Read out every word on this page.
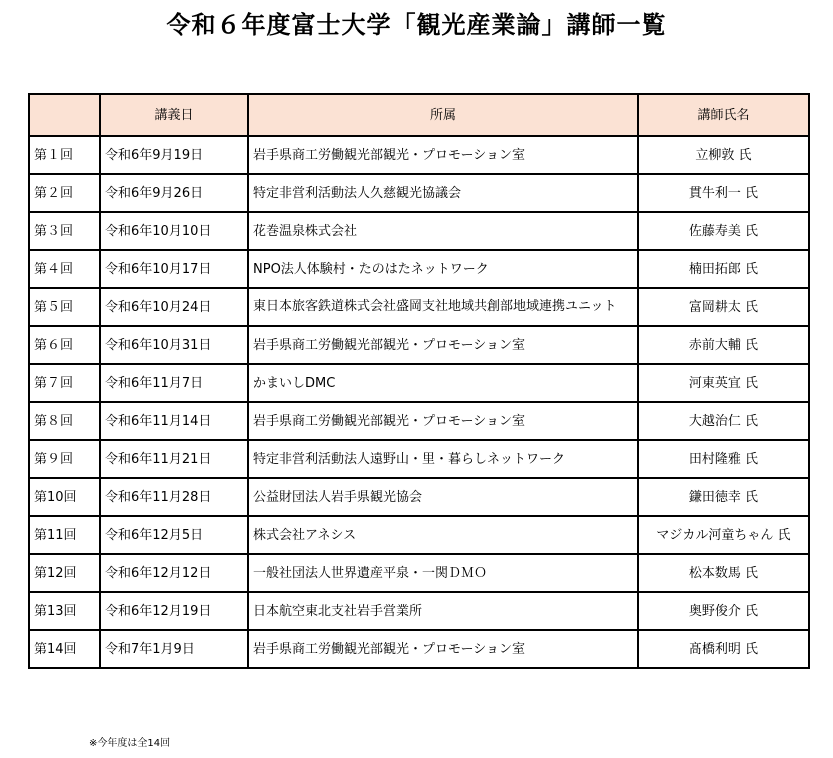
令和６年度富士大学「観光産業論」講師一覧
	講義日	所属	講師氏名
第１回	令和6年9月19日	岩手県商工労働観光部観光・プロモーション室	立柳敦 氏
第２回	令和6年9月26日	特定非営利活動法人久慈観光協議会	貫牛利一 氏
第３回	令和6年10月10日	花巻温泉株式会社	佐藤寿美 氏
第４回	令和6年10月17日	NPO法人体験村・たのはたネットワーク	楠田拓郎 氏
第５回	令和6年10月24日	東日本旅客鉄道株式会社盛岡支社地域共創部地域連携ユニット	富岡耕太 氏
第６回	令和6年10月31日	岩手県商工労働観光部観光・プロモーション室	赤前大輔 氏
第７回	令和6年11月7日	かまいしDMC	河東英宜 氏
第８回	令和6年11月14日	岩手県商工労働観光部観光・プロモーション室	大越治仁 氏
第９回	令和6年11月21日	特定非営利活動法人遠野山・里・暮らしネットワーク	田村隆雅 氏
第10回	令和6年11月28日	公益財団法人岩手県観光協会	鎌田徳幸 氏
第11回	令和6年12月5日	株式会社アネシス	マジカル河童ちゃん 氏
第12回	令和6年12月12日	一般社団法人世界遺産平泉・一関ＤＭＯ	松本数馬 氏
第13回	令和6年12月19日	日本航空東北支社岩手営業所	奥野俊介 氏
第14回	令和7年1月9日	岩手県商工労働観光部観光・プロモーション室	髙橋利明 氏
※今年度は全14回
